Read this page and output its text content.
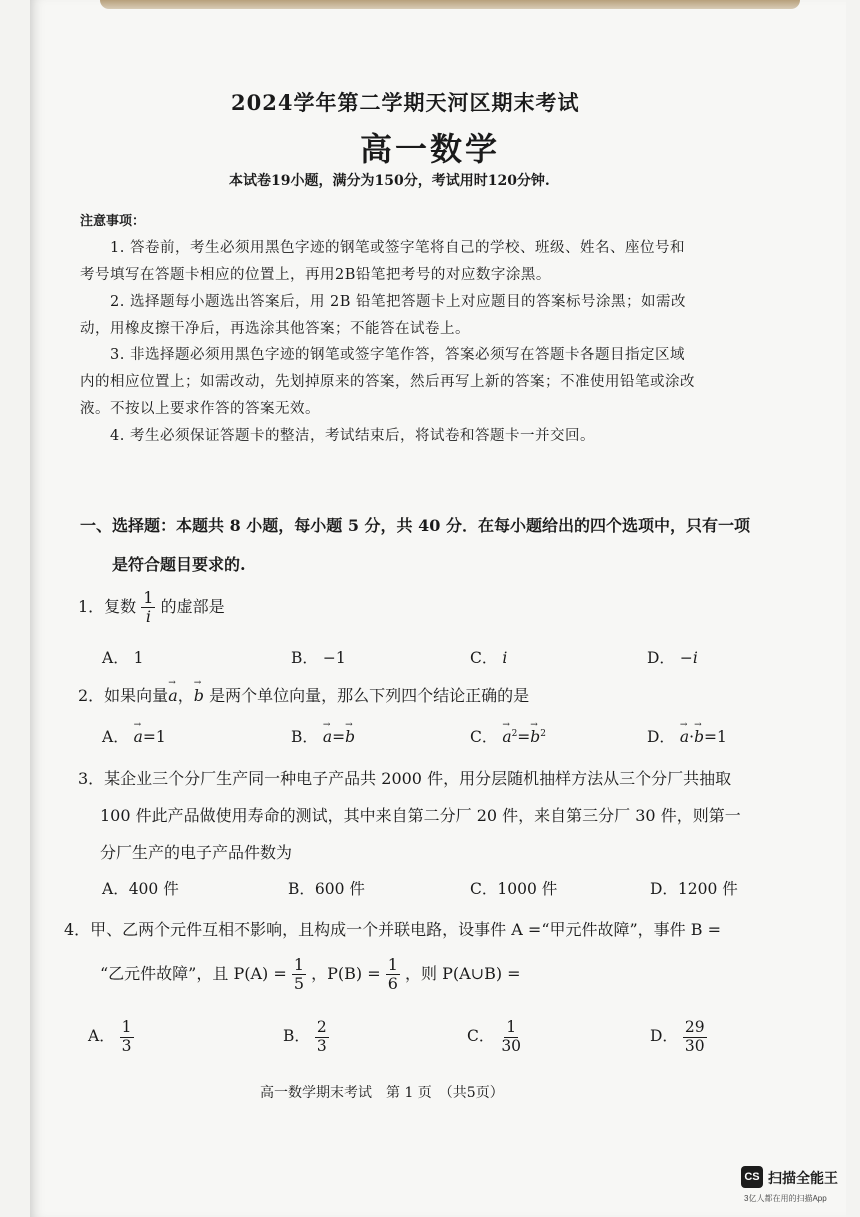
2024学年第二学期天河区期末考试
高一数学
本试卷19小题，满分为150分，考试用时120分钟.
注意事项：
1. 答卷前，考生必须用黑色字迹的钢笔或签字笔将自己的学校、班级、姓名、座位号和
考号填写在答题卡相应的位置上，再用2B铅笔把考号的对应数字涂黑。
2. 选择题每小题选出答案后，用 2B 铅笔把答题卡上对应题目的答案标号涂黑；如需改
动，用橡皮擦干净后，再选涂其他答案；不能答在试卷上。
3. 非选择题必须用黑色字迹的钢笔或签字笔作答，答案必须写在答题卡各题目指定区域
内的相应位置上；如需改动，先划掉原来的答案，然后再写上新的答案；不准使用铅笔或涂改
液。不按以上要求作答的答案无效。
4. 考生必须保证答题卡的整洁，考试结束后，将试卷和答题卡一并交回。
一、选择题：本题共 8 小题，每小题 5 分，共 40 分．在每小题给出的四个选项中，只有一项
是符合题目要求的.
1．复数 $\frac{1}{i}$ 的虚部是
A． 1	B． −1	C． i	D． −i
2．如果向量→ a，→ b 是两个单位向量，那么下列四个结论正确的是
A． → a=1	B． → a=→ b	C． → $a^2=\to b^2$	D． → a·→ b=1
3．某企业三个分厂生产同一种电子产品共 2000 件，用分层随机抽样方法从三个分厂共抽取
100 件此产品做使用寿命的测试，其中来自第二分厂 20 件，来自第三分厂 30 件，则第一
分厂生产的电子产品件数为
A．400 件	B．600 件	C．1000 件	D．1200 件
4．甲、乙两个元件互相不影响，且构成一个并联电路，设事件 A =“甲元件故障”，事件 B =
“乙元件故障”，且 $P(A) = \frac{1}{5}$ ，$P(B) = \frac{1}{6}$ ，则 P(A∪B) =
A． $\frac{1}{3}$	B． $\frac{2}{3}$	C． $\frac{1}{30}$	D． $\frac{29}{30}$
高一数学期末考试　第 1 页　（共5页）
CS 扫描全能王
3亿人都在用的扫描App
